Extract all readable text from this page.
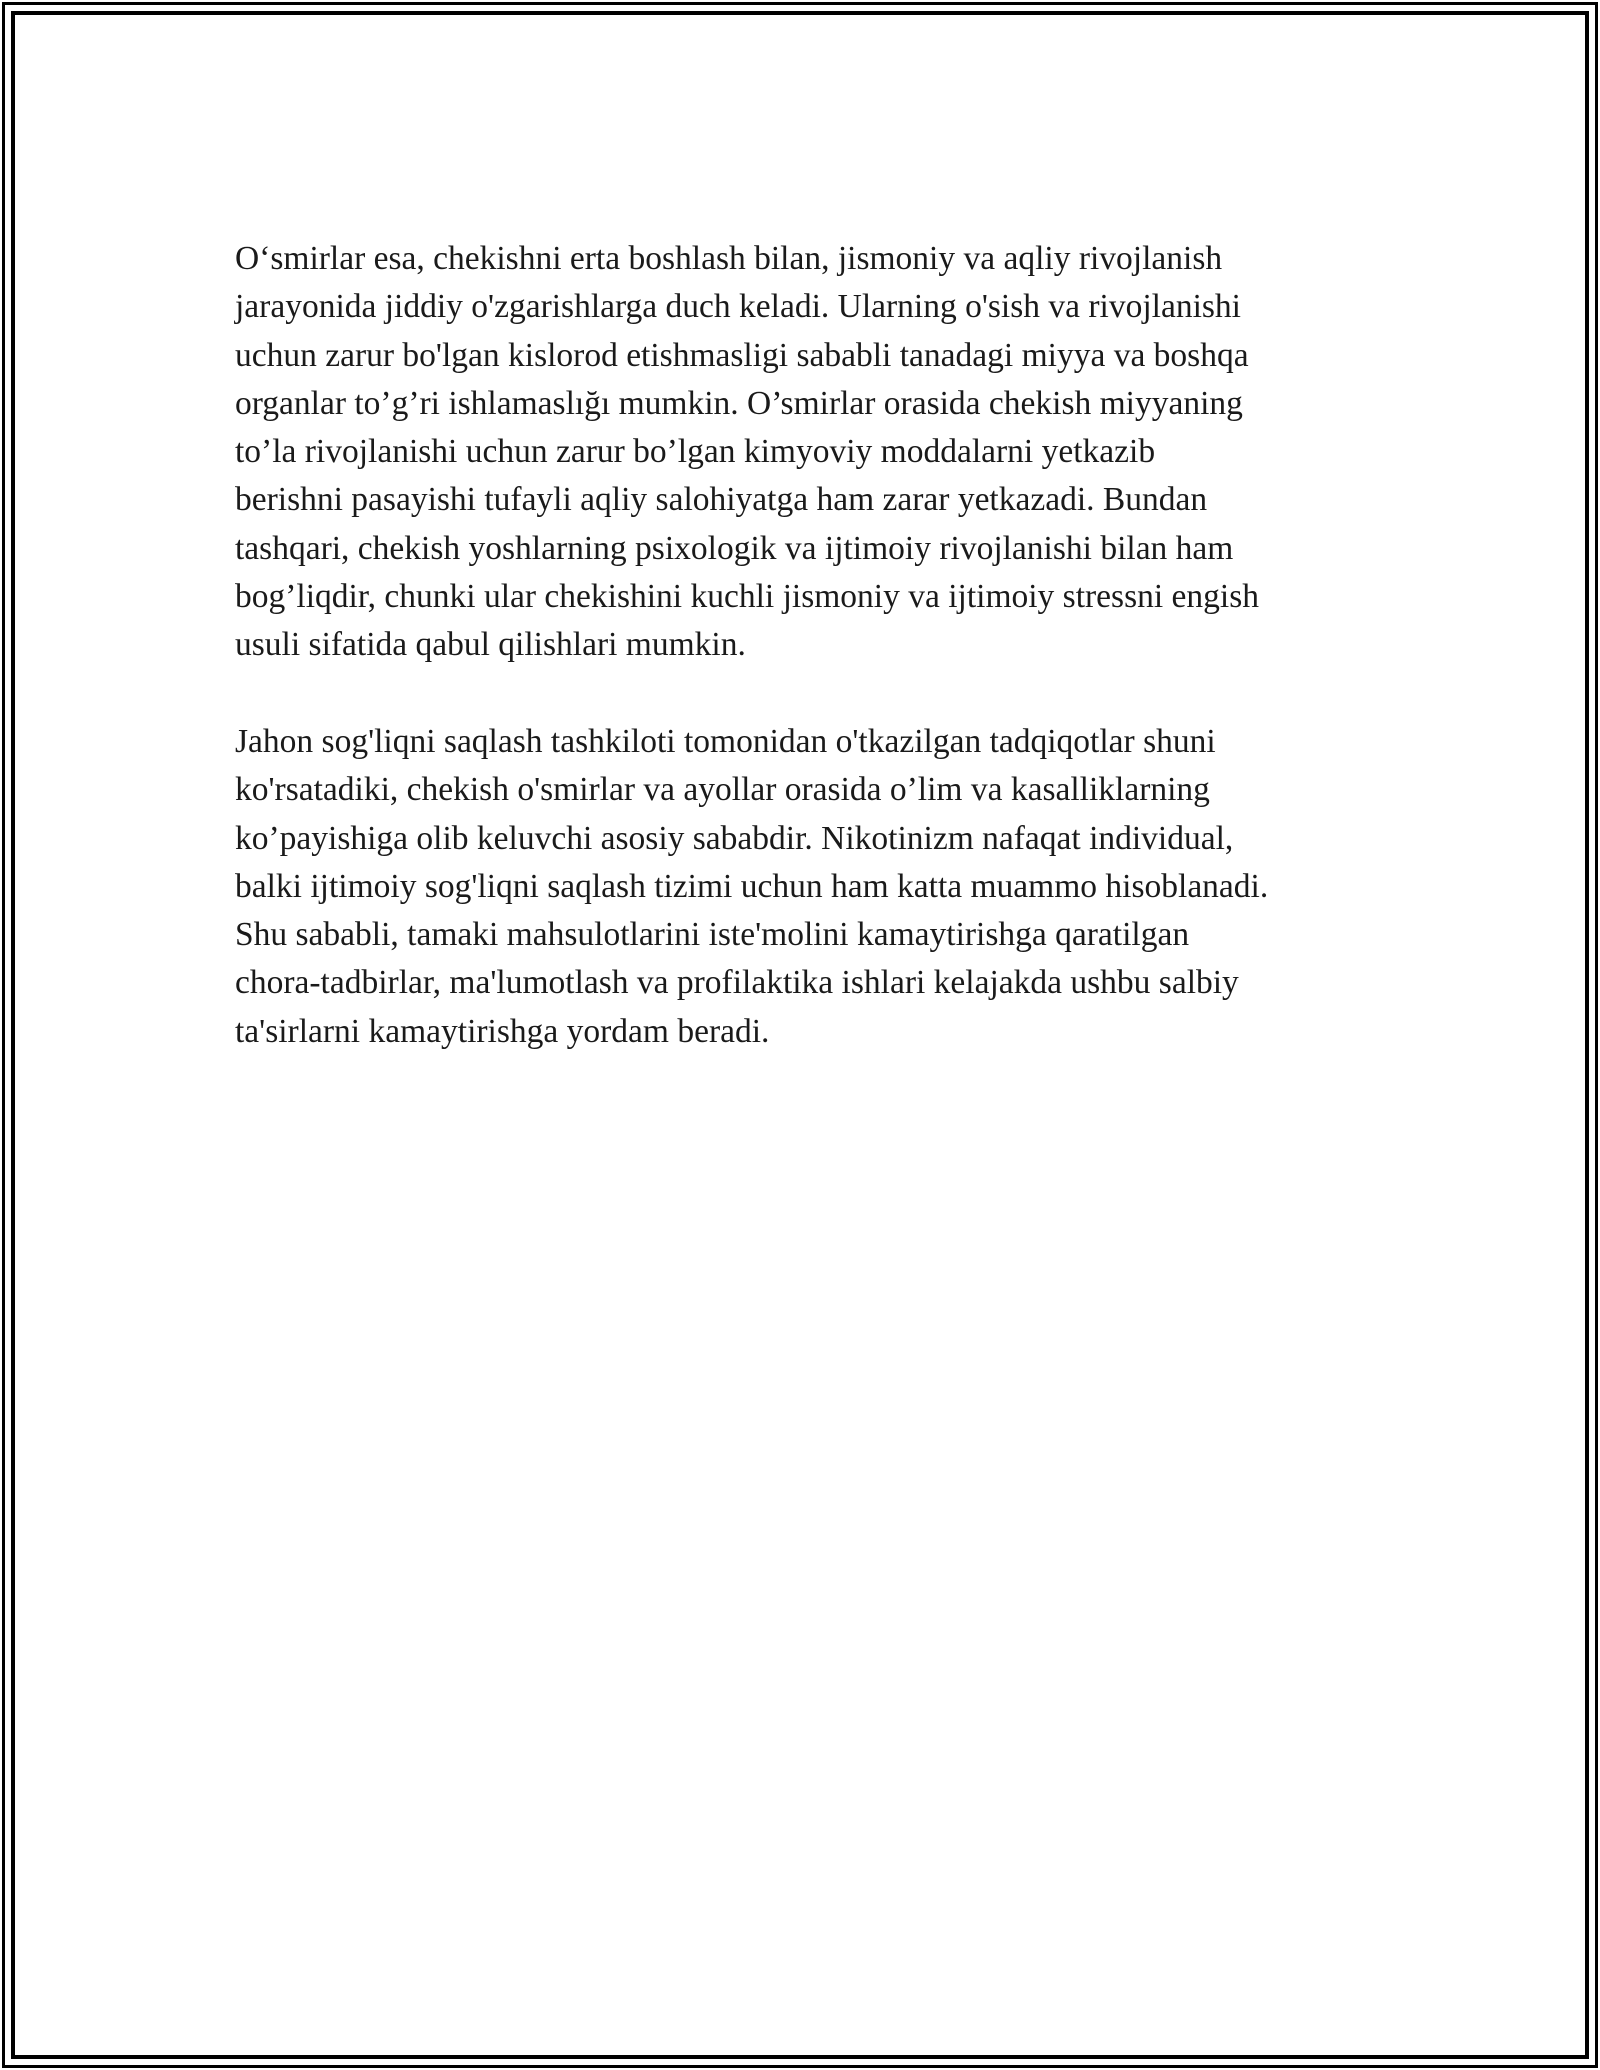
O‘smirlar esa, chekishni erta boshlash bilan, jismoniy va aqliy rivojlanish
jarayonida jiddiy o'zgarishlarga duch keladi. Ularning o'sish va rivojlanishi
uchun zarur bo'lgan kislorod etishmasligi sababli tanadagi miyya va boshqa
organlar to’g’ri ishlamaslığı mumkin. O’smirlar orasida chekish miyyaning
to’la rivojlanishi uchun zarur bo’lgan kimyoviy moddalarni yetkazib
berishni pasayishi tufayli aqliy salohiyatga ham zarar yetkazadi. Bundan
tashqari, chekish yoshlarning psixologik va ijtimoiy rivojlanishi bilan ham
bog’liqdir, chunki ular chekishini kuchli jismoniy va ijtimoiy stressni engish
usuli sifatida qabul qilishlari mumkin.

Jahon sog'liqni saqlash tashkiloti tomonidan o'tkazilgan tadqiqotlar shuni
ko'rsatadiki, chekish o'smirlar va ayollar orasida o’lim va kasalliklarning
ko’payishiga olib keluvchi asosiy sababdir. Nikotinizm nafaqat individual,
balki ijtimoiy sog'liqni saqlash tizimi uchun ham katta muammo hisoblanadi.
Shu sababli, tamaki mahsulotlarini iste'molini kamaytirishga qaratilgan
chora-tadbirlar, ma'lumotlash va profilaktika ishlari kelajakda ushbu salbiy
ta'sirlarni kamaytirishga yordam beradi.
